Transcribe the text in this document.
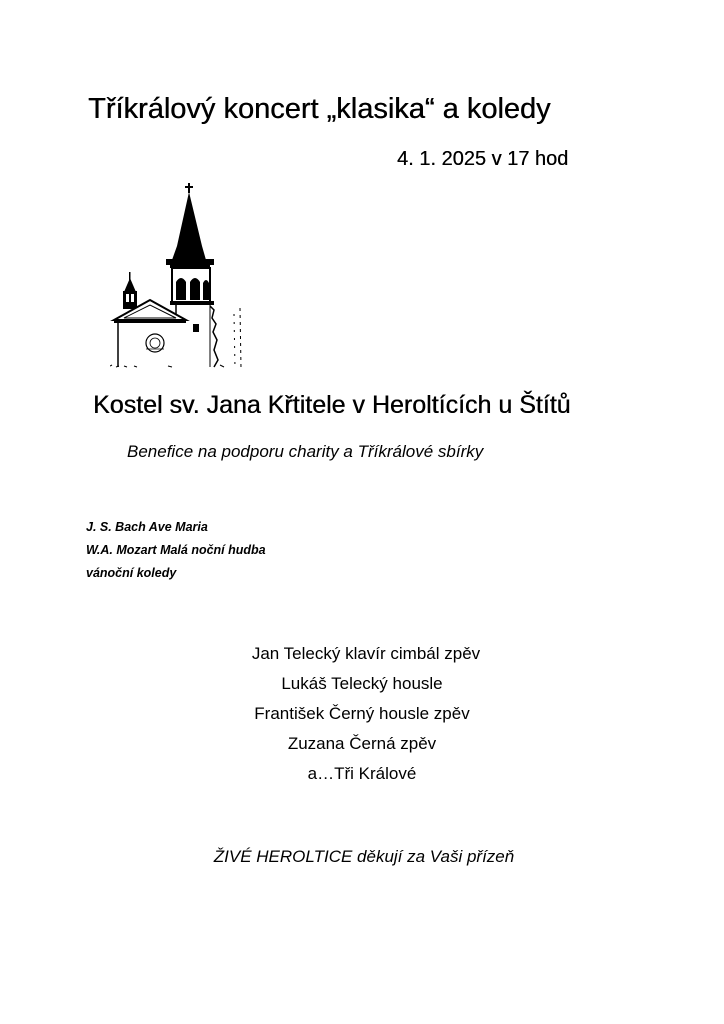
Tříkrálový koncert „klasika“ a koledy
4. 1. 2025 v 17 hod
Kostel sv. Jana Křtitele v Heroltících u Štítů
Benefice na podporu charity a Tříkrálové sbírky
J. S. Bach Ave Maria
W.A. Mozart Malá noční hudba
vánoční koledy
Jan Telecký klavír cimbál zpěv
Lukáš Telecký housle
František Černý housle zpěv
Zuzana Černá zpěv
a…Tři Králové
ŽIVÉ HEROLTICE děkují za Vaši přízeň
